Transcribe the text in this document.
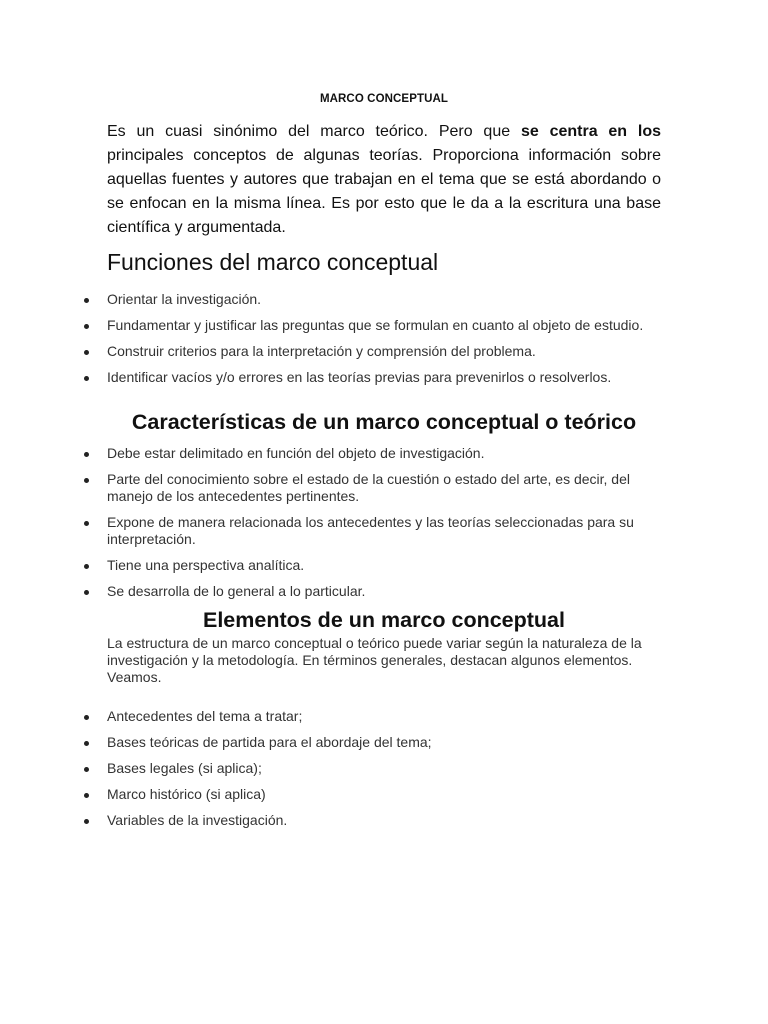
MARCO CONCEPTUAL

Es un cuasi sinónimo del marco teórico. Pero que se centra en los principales conceptos de algunas teorías. Proporciona información sobre aquellas fuentes y autores que trabajan en el tema que se está abordando o se enfocan en la misma línea. Es por esto que le da a la escritura una base científica y argumentada.

Funciones del marco conceptual
Orientar la investigación.
Fundamentar y justificar las preguntas que se formulan en cuanto al objeto de estudio.
Construir criterios para la interpretación y comprensión del problema.
Identificar vacíos y/o errores en las teorías previas para prevenirlos o resolverlos.
Características de un marco conceptual o teórico
Debe estar delimitado en función del objeto de investigación.
Parte del conocimiento sobre el estado de la cuestión o estado del arte, es decir, del manejo de los antecedentes pertinentes.
Expone de manera relacionada los antecedentes y las teorías seleccionadas para su interpretación.
Tiene una perspectiva analítica.
Se desarrolla de lo general a lo particular.
Elementos de un marco conceptual

La estructura de un marco conceptual o teórico puede variar según la naturaleza de la investigación y la metodología. En términos generales, destacan algunos elementos. Veamos.

Antecedentes del tema a tratar;
Bases teóricas de partida para el abordaje del tema;
Bases legales (si aplica);
Marco histórico (si aplica)
Variables de la investigación.
